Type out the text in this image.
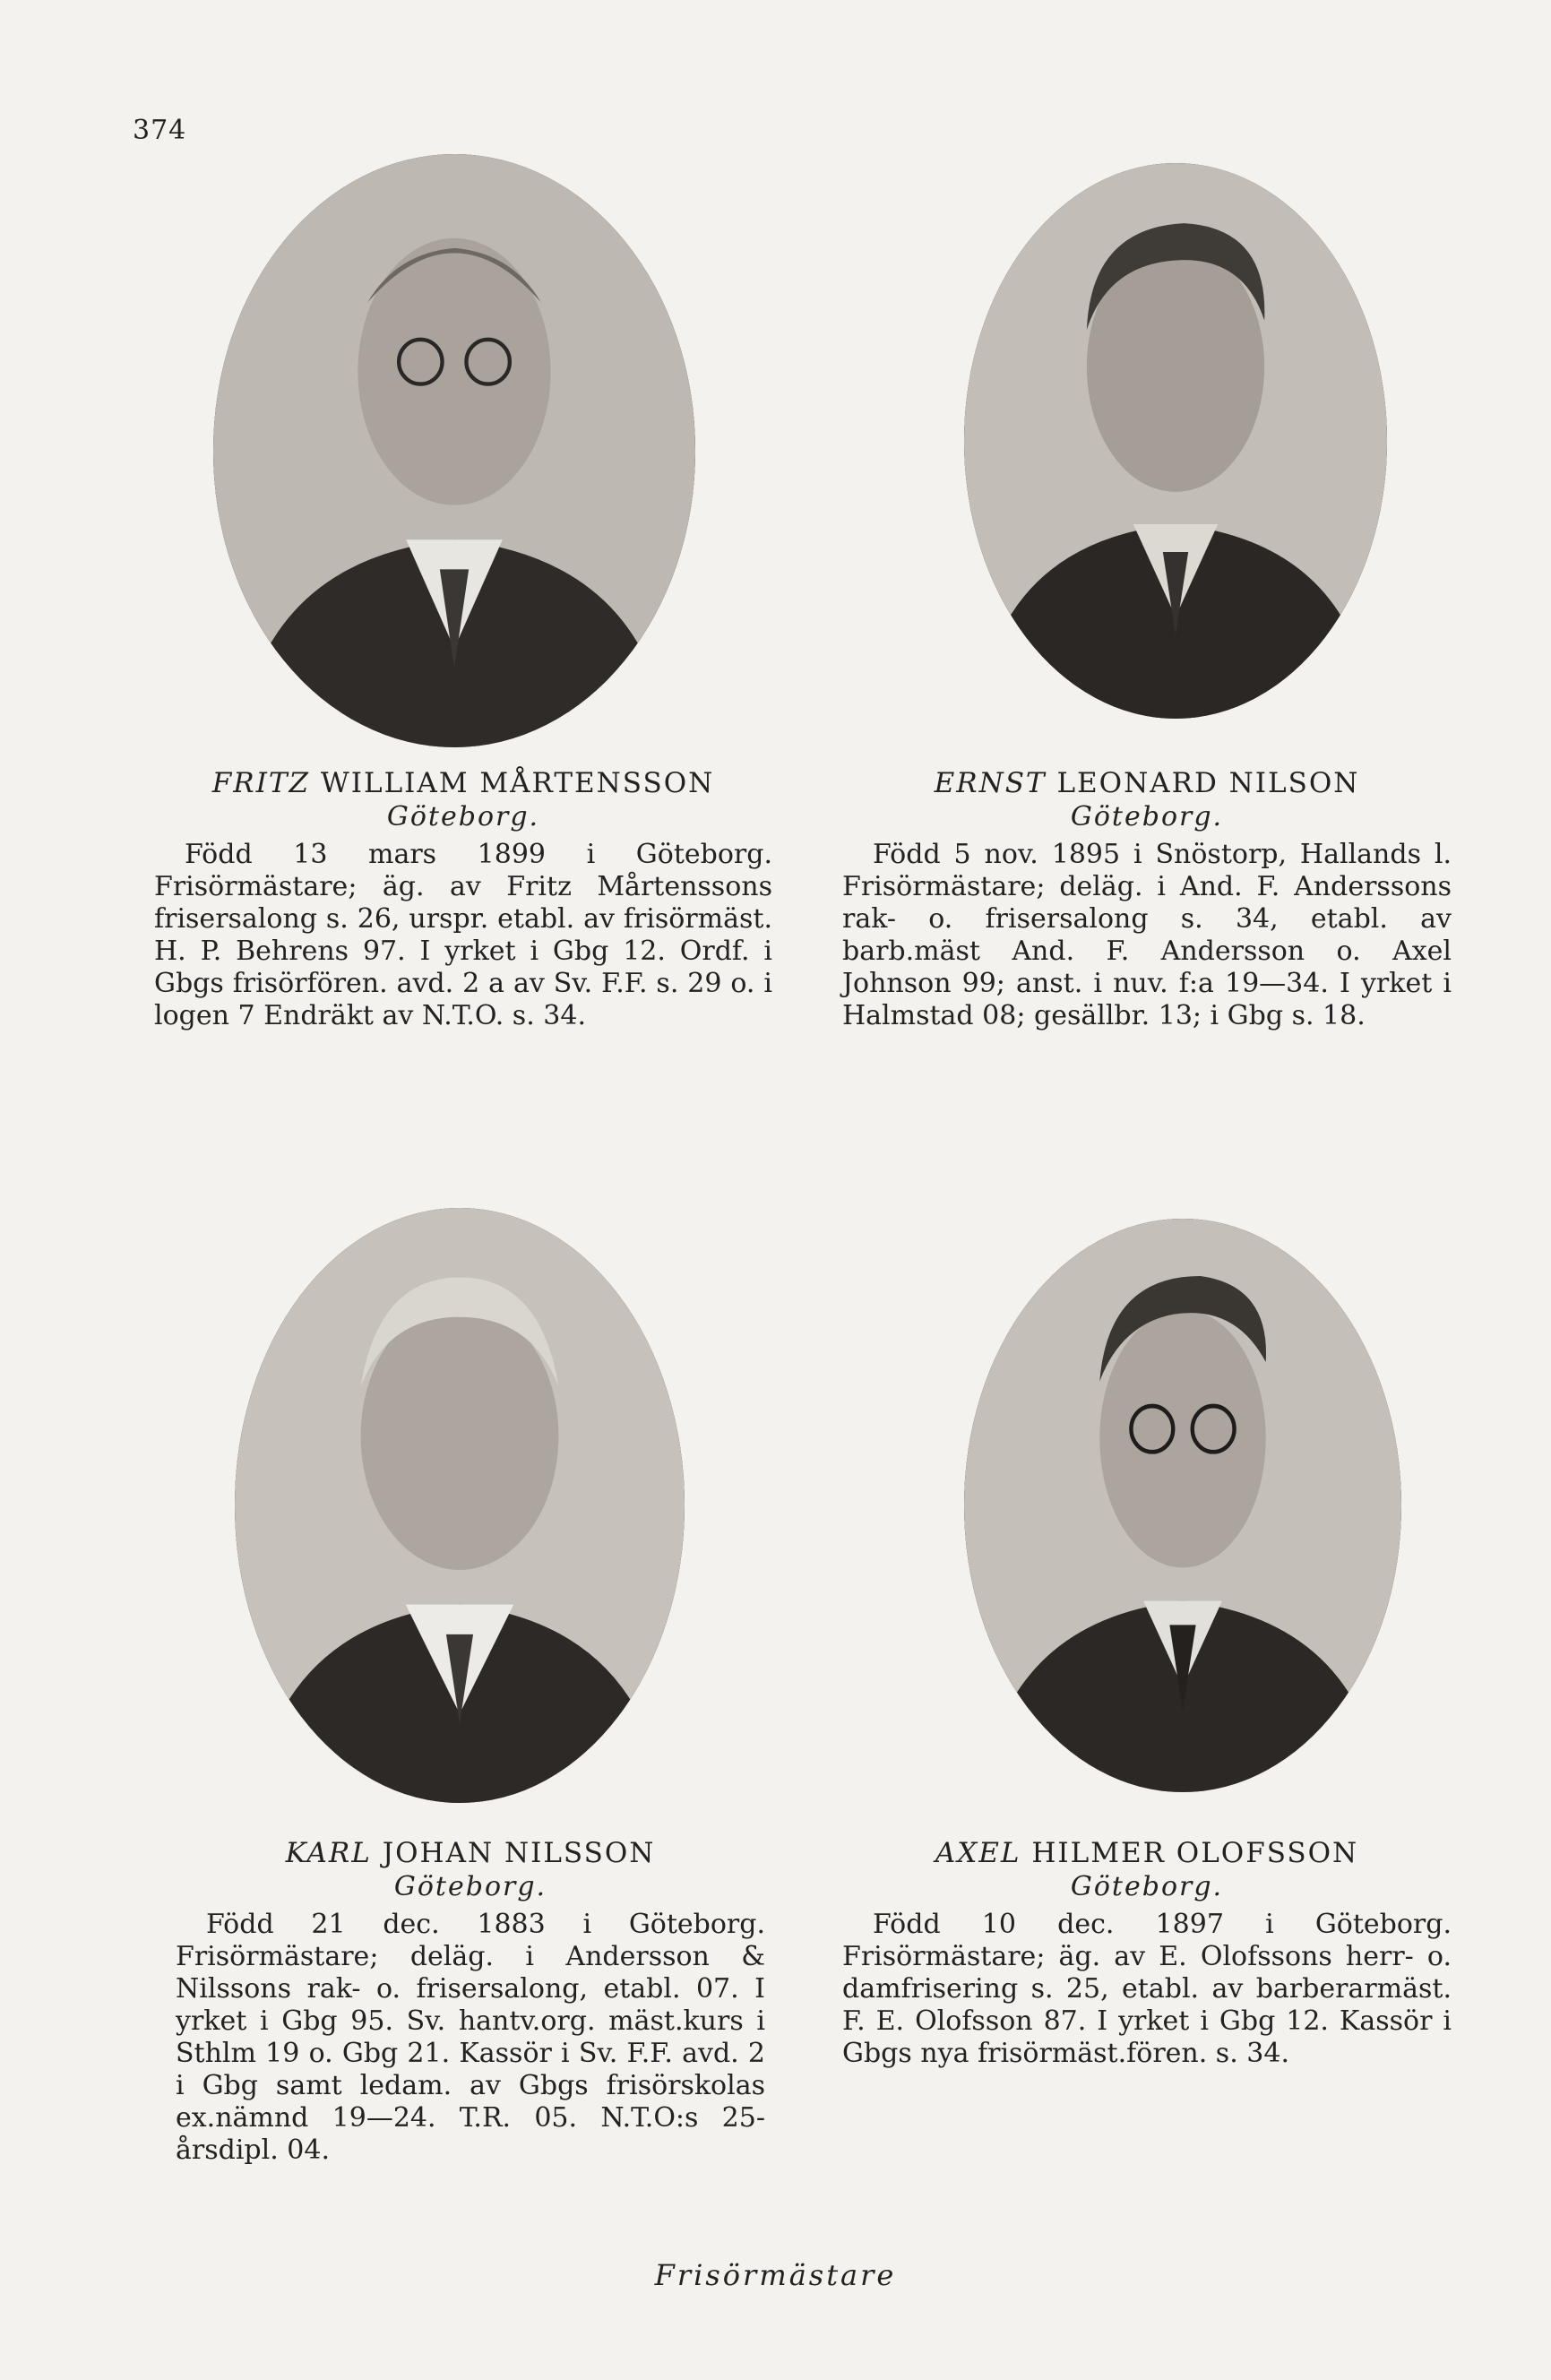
374
FRITZ WILLIAM MÅRTENSSON
Göteborg.
Född 13 mars 1899 i Göteborg. Frisörmästare; äg. av Fritz Mårtenssons frisersalong s. 26, urspr. etabl. av frisörmäst. H. P. Behrens 97. I yrket i Gbg 12. Ordf. i Gbgs frisörfören. avd. 2 a av Sv. F.F. s. 29 o. i logen 7 Endräkt av N.T.O. s. 34.
ERNST LEONARD NILSON
Göteborg.
Född 5 nov. 1895 i Snöstorp, Hallands l. Frisörmästare; deläg. i And. F. Anderssons rak- o. frisersalong s. 34, etabl. av barb.mäst And. F. Andersson o. Axel Johnson 99; anst. i nuv. f:a 19—34. I yrket i Halmstad 08; gesällbr. 13; i Gbg s. 18.
KARL JOHAN NILSSON
Göteborg.
Född 21 dec. 1883 i Göteborg. Frisörmästare; deläg. i Andersson & Nilssons rak- o. frisersalong, etabl. 07. I yrket i Gbg 95. Sv. hantv.org. mäst.kurs i Sthlm 19 o. Gbg 21. Kassör i Sv. F.F. avd. 2 i Gbg samt ledam. av Gbgs frisörskolas ex.nämnd 19—24. T.R. 05. N.T.O:s 25-årsdipl. 04.
AXEL HILMER OLOFSSON
Göteborg.
Född 10 dec. 1897 i Göteborg. Frisörmästare; äg. av E. Olofssons herr- o. damfrisering s. 25, etabl. av barberarmäst. F. E. Olofsson 87. I yrket i Gbg 12. Kassör i Gbgs nya frisörmäst.fören. s. 34.
Frisörmästare
